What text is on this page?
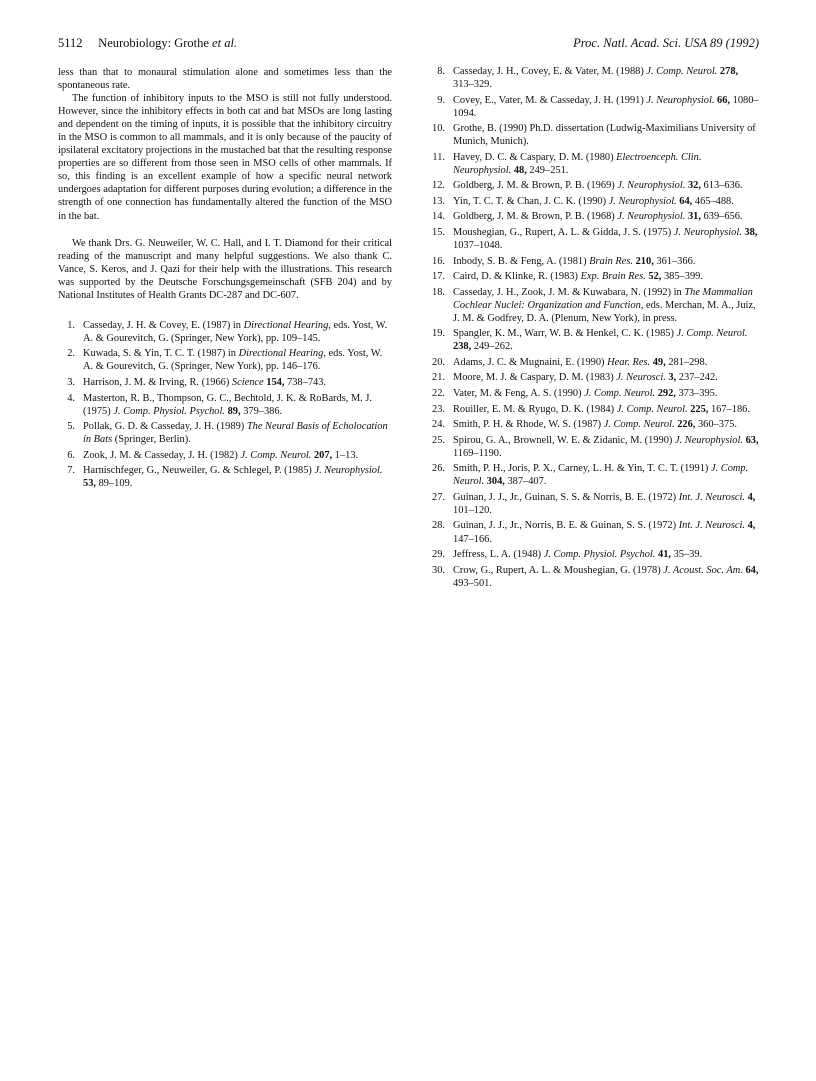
5112 Neurobiology: Grothe et al.	Proc. Natl. Acad. Sci. USA 89 (1992)

less than that to monaural stimulation alone and sometimes less than the spontaneous rate.

The function of inhibitory inputs to the MSO is still not fully understood. However, since the inhibitory effects in both cat and bat MSOs are long lasting and dependent on the timing of inputs, it is possible that the inhibitory circuitry in the MSO is common to all mammals, and it is only because of the paucity of ipsilateral excitatory projections in the mustached bat that the resulting response properties are so different from those seen in MSO cells of other mammals. If so, this finding is an excellent example of how a specific neural network undergoes adaptation for different purposes during evolution; a difference in the strength of one connection has fundamentally altered the function of the MSO in the bat.

We thank Drs. G. Neuweiler, W. C. Hall, and I. T. Diamond for their critical reading of the manuscript and many helpful suggestions. We also thank C. Vance, S. Keros, and J. Qazi for their help with the illustrations. This research was supported by the Deutsche Forschungsgemeinschaft (SFB 204) and by National Institutes of Health Grants DC-287 and DC-607.

1. Casseday, J. H. & Covey, E. (1987) in Directional Hearing, eds. Yost, W. A. & Gourevitch, G. (Springer, New York), pp. 109–145.
2. Kuwada, S. & Yin, T. C. T. (1987) in Directional Hearing, eds. Yost, W. A. & Gourevitch, G. (Springer, New York), pp. 146–176.
3. Harrison, J. M. & Irving, R. (1966) Science 154, 738–743.
4. Masterton, R. B., Thompson, G. C., Bechtold, J. K. & RoBards, M. J. (1975) J. Comp. Physiol. Psychol. 89, 379–386.
5. Pollak, G. D. & Casseday, J. H. (1989) The Neural Basis of Echolocation in Bats (Springer, Berlin).
6. Zook, J. M. & Casseday, J. H. (1982) J. Comp. Neurol. 207, 1–13.
7. Harnischfeger, G., Neuweiler, G. & Schlegel, P. (1985) J. Neurophysiol. 53, 89–109.
8. Casseday, J. H., Covey, E. & Vater, M. (1988) J. Comp. Neurol. 278, 313–329.
9. Covey, E., Vater, M. & Casseday, J. H. (1991) J. Neurophysiol. 66, 1080–1094.
10. Grothe, B. (1990) Ph.D. dissertation (Ludwig-Maximilians University of Munich, Munich).
11. Havey, D. C. & Caspary, D. M. (1980) Electroenceph. Clin. Neurophysiol. 48, 249–251.
12. Goldberg, J. M. & Brown, P. B. (1969) J. Neurophysiol. 32, 613–636.
13. Yin, T. C. T. & Chan, J. C. K. (1990) J. Neurophysiol. 64, 465–488.
14. Goldberg, J. M. & Brown, P. B. (1968) J. Neurophysiol. 31, 639–656.
15. Moushegian, G., Rupert, A. L. & Gidda, J. S. (1975) J. Neurophysiol. 38, 1037–1048.
16. Inbody, S. B. & Feng, A. (1981) Brain Res. 210, 361–366.
17. Caird, D. & Klinke, R. (1983) Exp. Brain Res. 52, 385–399.
18. Casseday, J. H., Zook, J. M. & Kuwabara, N. (1992) in The Mammalian Cochlear Nuclei: Organization and Function, eds. Merchan, M. A., Juiz, J. M. & Godfrey, D. A. (Plenum, New York), in press.
19. Spangler, K. M., Warr, W. B. & Henkel, C. K. (1985) J. Comp. Neurol. 238, 249–262.
20. Adams, J. C. & Mugnaini, E. (1990) Hear. Res. 49, 281–298.
21. Moore, M. J. & Caspary, D. M. (1983) J. Neurosci. 3, 237–242.
22. Vater, M. & Feng, A. S. (1990) J. Comp. Neurol. 292, 373–395.
23. Rouiller, E. M. & Ryugo, D. K. (1984) J. Comp. Neurol. 225, 167–186.
24. Smith, P. H. & Rhode, W. S. (1987) J. Comp. Neurol. 226, 360–375.
25. Spirou, G. A., Brownell, W. E. & Zidanic, M. (1990) J. Neurophysiol. 63, 1169–1190.
26. Smith, P. H., Joris, P. X., Carney, L. H. & Yin, T. C. T. (1991) J. Comp. Neurol. 304, 387–407.
27. Guinan, J. J., Jr., Guinan, S. S. & Norris, B. E. (1972) Int. J. Neurosci. 4, 101–120.
28. Guinan, J. J., Jr., Norris, B. E. & Guinan, S. S. (1972) Int. J. Neurosci. 4, 147–166.
29. Jeffress, L. A. (1948) J. Comp. Physiol. Psychol. 41, 35–39.
30. Crow, G., Rupert, A. L. & Moushegian, G. (1978) J. Acoust. Soc. Am. 64, 493–501.
